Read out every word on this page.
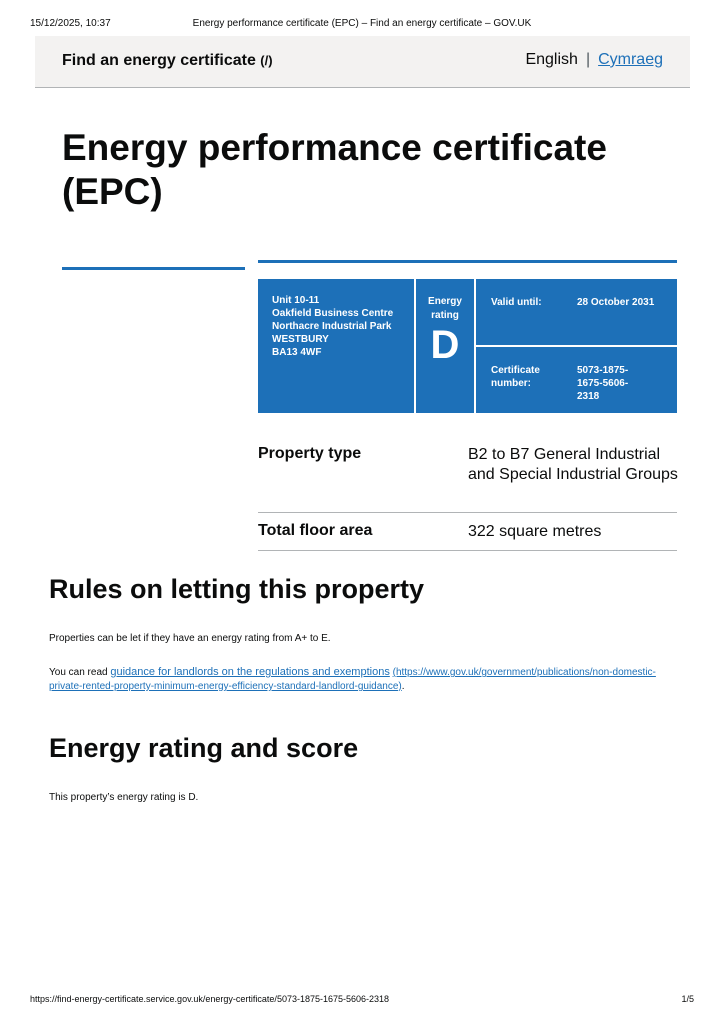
15/12/2025, 10:37	Energy performance certificate (EPC) – Find an energy certificate – GOV.UK
Find an energy certificate (/)	English | Cymraeg
Energy performance certificate (EPC)
Unit 10-11
Oakfield Business Centre
Northacre Industrial Park
WESTBURY
BA13 4WF
Energy rating
D
Valid until:	28 October 2031
Certificate number:
5073-1875-1675-5606-2318
Property type	B2 to B7 General Industrial and Special Industrial Groups
Total floor area	322 square metres
Rules on letting this property

Properties can be let if they have an energy rating from A+ to E.

You can read guidance for landlords on the regulations and exemptions (https://www.gov.uk/government/publications/non-domestic-private-rented-property-minimum-energy-efficiency-standard-landlord-guidance).

Energy rating and score

This property’s energy rating is D.

https://find-energy-certificate.service.gov.uk/energy-certificate/5073-1875-1675-5606-2318	1/5
